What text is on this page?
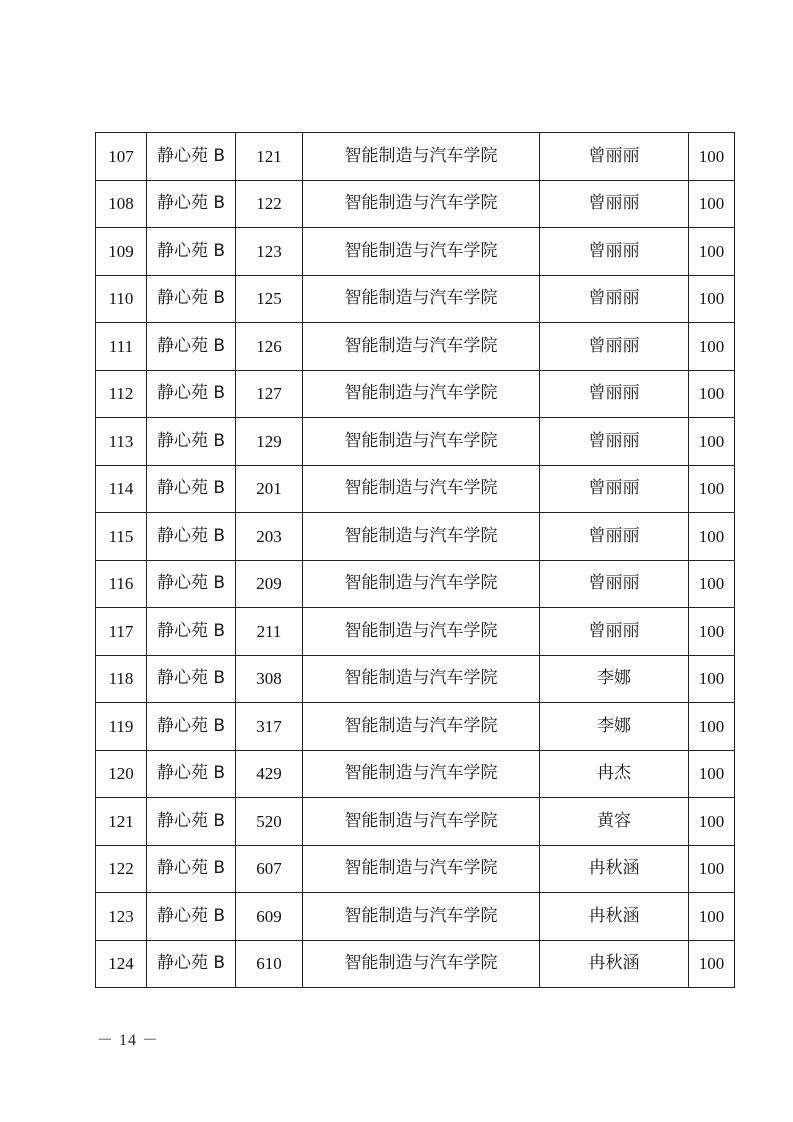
107	静心苑 B	121	智能制造与汽车学院	曾丽丽	100
108	静心苑 B	122	智能制造与汽车学院	曾丽丽	100
109	静心苑 B	123	智能制造与汽车学院	曾丽丽	100
110	静心苑 B	125	智能制造与汽车学院	曾丽丽	100
111	静心苑 B	126	智能制造与汽车学院	曾丽丽	100
112	静心苑 B	127	智能制造与汽车学院	曾丽丽	100
113	静心苑 B	129	智能制造与汽车学院	曾丽丽	100
114	静心苑 B	201	智能制造与汽车学院	曾丽丽	100
115	静心苑 B	203	智能制造与汽车学院	曾丽丽	100
116	静心苑 B	209	智能制造与汽车学院	曾丽丽	100
117	静心苑 B	211	智能制造与汽车学院	曾丽丽	100
118	静心苑 B	308	智能制造与汽车学院	李娜	100
119	静心苑 B	317	智能制造与汽车学院	李娜	100
120	静心苑 B	429	智能制造与汽车学院	冉杰	100
121	静心苑 B	520	智能制造与汽车学院	黄容	100
122	静心苑 B	607	智能制造与汽车学院	冉秋涵	100
123	静心苑 B	609	智能制造与汽车学院	冉秋涵	100
124	静心苑 B	610	智能制造与汽车学院	冉秋涵	100
－ 14 －
